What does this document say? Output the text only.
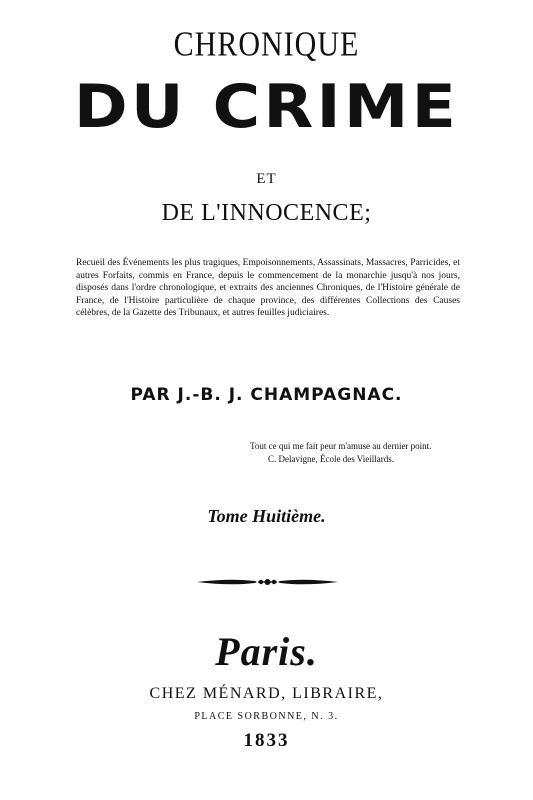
CHRONIQUE
DU CRIME
ET
DE L'INNOCENCE;
Recueil des Événements les plus tragiques, Empoisonnements, Assassinats, Massacres, Parricides, et autres Forfaits, commis en France, depuis le commencement de la monarchie jusqu'à nos jours, disposés dans l'ordre chronologique, et extraits des anciennes Chroniques, de l'Histoire générale de France, de l'Histoire particulière de chaque province, des différentes Collections des Causes célèbres, de la Gazette des Tribunaux, et autres feuilles judiciaires.
PAR J.-B. J. CHAMPAGNAC.
Tout ce qui me fait peur m'amuse au dernier point.
C. Delavigne, École des Vieillards.
Tome Huitième.
Paris.
CHEZ MÉNARD, LIBRAIRE,
PLACE SORBONNE, N. 3.
1833
